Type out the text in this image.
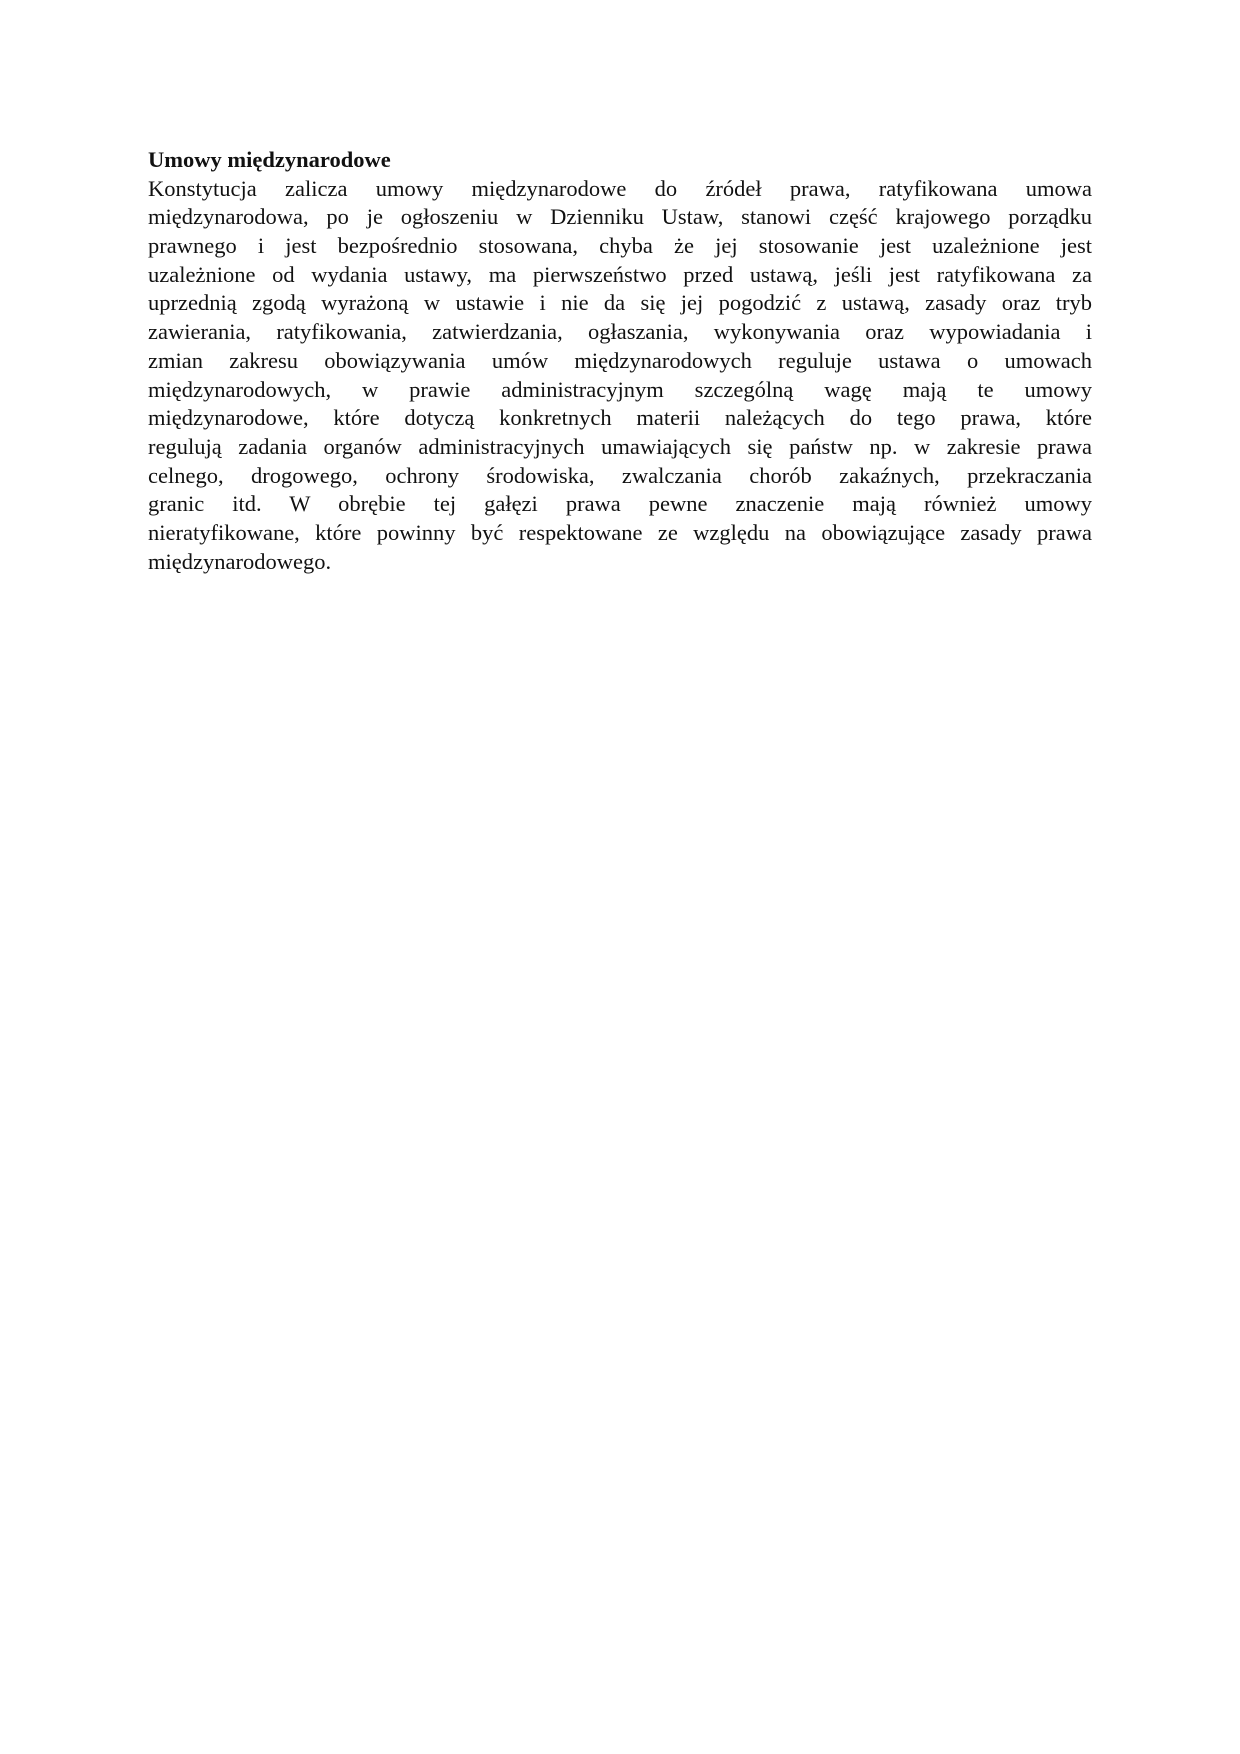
Umowy międzynarodowe
Konstytucja zalicza umowy międzynarodowe do źródeł prawa, ratyfikowana umowa
międzynarodowa, po je ogłoszeniu w Dzienniku Ustaw, stanowi część krajowego porządku
prawnego i jest bezpośrednio stosowana, chyba że jej stosowanie jest uzależnione jest
uzależnione od wydania ustawy, ma pierwszeństwo przed ustawą, jeśli jest ratyfikowana za
uprzednią zgodą wyrażoną w ustawie i nie da się jej pogodzić z ustawą, zasady oraz tryb
zawierania, ratyfikowania, zatwierdzania, ogłaszania, wykonywania oraz wypowiadania i
zmian zakresu obowiązywania umów międzynarodowych reguluje ustawa o umowach
międzynarodowych, w prawie administracyjnym szczególną wagę mają te umowy
międzynarodowe, które dotyczą konkretnych materii należących do tego prawa, które
regulują zadania organów administracyjnych umawiających się państw np. w zakresie prawa
celnego, drogowego, ochrony środowiska, zwalczania chorób zakaźnych, przekraczania
granic itd. W obrębie tej gałęzi prawa pewne znaczenie mają również umowy
nieratyfikowane, które powinny być respektowane ze względu na obowiązujące zasady prawa
międzynarodowego.
